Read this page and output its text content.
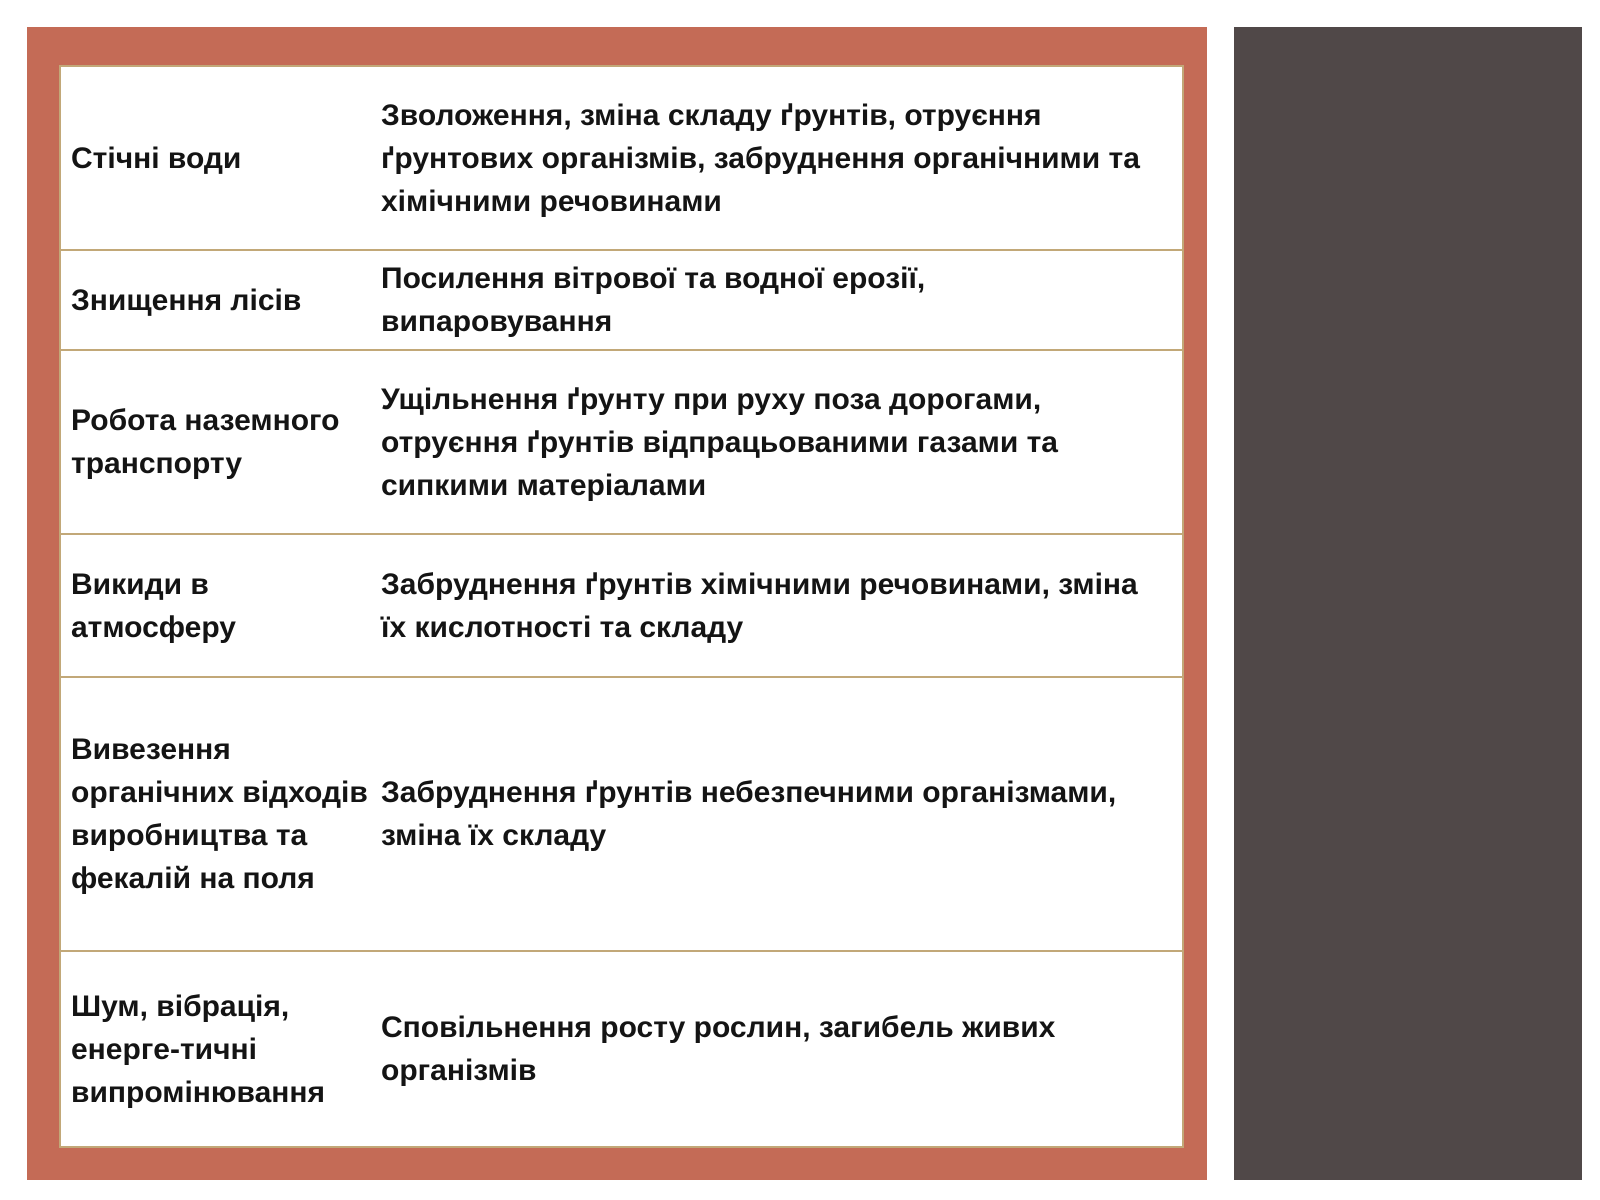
Стічні води
Зволоження, зміна складу ґрунтів, отруєння ґрунтових організмів, забруднення органічними та хімічними речовинами
Знищення лісів
Посилення вітрової та водної ерозії, випаровування
Робота наземного транспорту
Ущільнення ґрунту при руху поза дорогами, отруєння ґрунтів відпрацьованими газами та сипкими матеріалами
Викиди в атмосферу
Забруднення ґрунтів хімічними речовинами, зміна їх кислотності та складу
Вивезення органічних відходів виробництва та фекалій на поля
Забруднення ґрунтів небезпечними організмами, зміна їх складу
Шум, вібрація, енерге-тичні випромінювання
Сповільнення росту рослин, загибель живих організмів
